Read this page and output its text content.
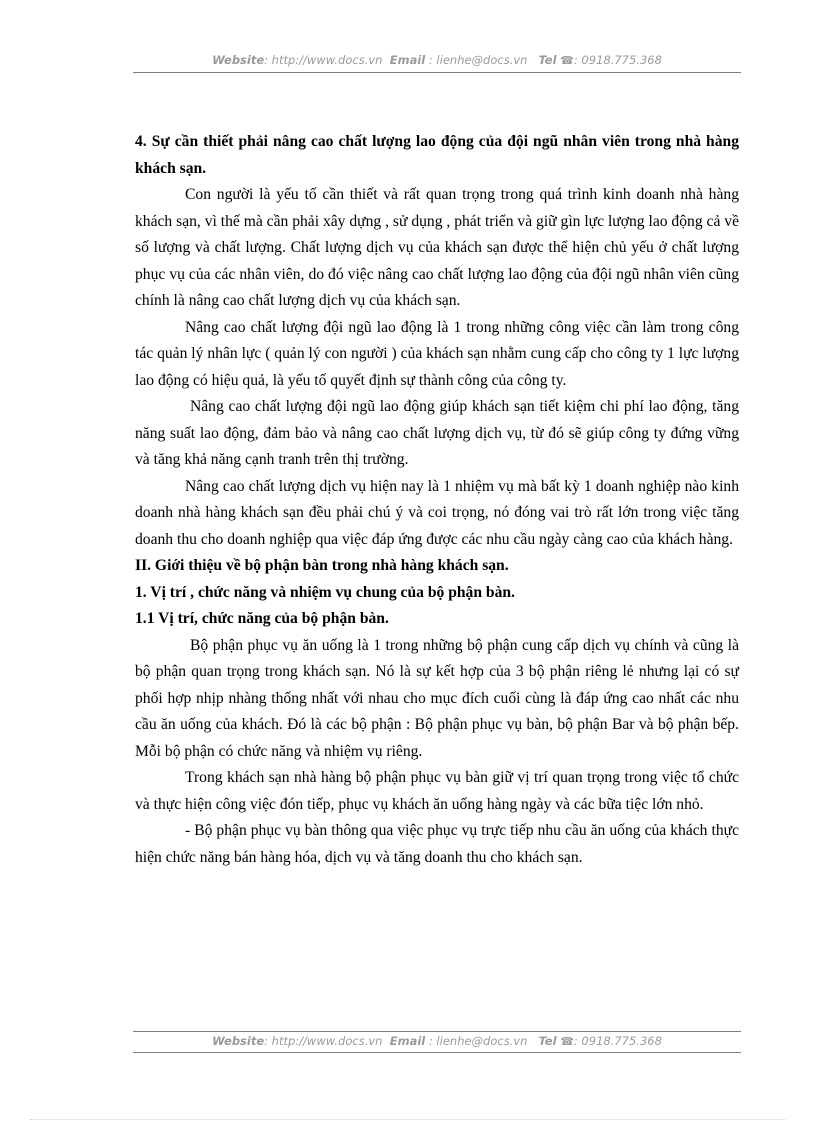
Website: http://www.docs.vn Email : lienhe@docs.vn Tel ☎: 0918.775.368

4. Sự cần thiết phải nâng cao chất lượng lao động của đội ngũ nhân viên trong nhà hàng khách sạn.

Con người là yếu tố cần thiết và rất quan trọng trong quá trình kinh doanh nhà hàng khách sạn, vì thế mà cần phải xây dựng , sử dụng , phát triển và giữ gìn lực lượng lao động cả về số lượng và chất lượng. Chất lượng dịch vụ của khách sạn được thể hiện chủ yếu ở chất lượng phục vụ của các nhân viên, do đó việc nâng cao chất lượng lao động của đội ngũ nhân viên cũng chính là nâng cao chất lượng dịch vụ của khách sạn.

Nâng cao chất lượng đội ngũ lao động là 1 trong những công việc cần làm trong công tác quản lý nhân lực ( quản lý con người ) của khách sạn nhằm cung cấp cho công ty 1 lực lượng lao động có hiệu quả, là yếu tố quyết định sự thành công của công ty.

Nâng cao chất lượng đội ngũ lao động giúp khách sạn tiết kiệm chi phí lao động, tăng năng suất lao động, đảm bảo và nâng cao chất lượng dịch vụ, từ đó sẽ giúp công ty đứng vững và tăng khả năng cạnh tranh trên thị trường.

Nâng cao chất lượng dịch vụ hiện nay là 1 nhiệm vụ mà bất kỳ 1 doanh nghiệp nào kinh doanh nhà hàng khách sạn đều phải chú ý và coi trọng, nó đóng vai trò rất lớn trong việc tăng doanh thu cho doanh nghiệp qua việc đáp ứng được các nhu cầu ngày càng cao của khách hàng.

II. Giới thiệu về bộ phận bàn trong nhà hàng khách sạn.

1. Vị trí , chức năng và nhiệm vụ chung của bộ phận bàn.

1.1 Vị trí, chức năng của bộ phận bàn.

Bộ phận phục vụ ăn uống là 1 trong những bộ phận cung cấp dịch vụ chính và cũng là bộ phận quan trọng trong khách sạn. Nó là sự kết hợp của 3 bộ phận riêng lẻ nhưng lại có sự phối hợp nhịp nhàng thống nhất với nhau cho mục đích cuối cùng là đáp ứng cao nhất các nhu cầu ăn uống của khách. Đó là các bộ phận : Bộ phận phục vụ bàn, bộ phận Bar và bộ phận bếp. Mỗi bộ phận có chức năng và nhiệm vụ riêng.

Trong khách sạn nhà hàng bộ phận phục vụ bàn giữ vị trí quan trọng trong việc tổ chức và thực hiện công việc đón tiếp, phục vụ khách ăn uống hàng ngày và các bữa tiệc lớn nhỏ.

- Bộ phận phục vụ bàn thông qua việc phục vụ trực tiếp nhu cầu ăn uống của khách thực hiện chức năng bán hàng hóa, dịch vụ và tăng doanh thu cho khách sạn.

Website: http://www.docs.vn Email : lienhe@docs.vn Tel ☎: 0918.775.368
